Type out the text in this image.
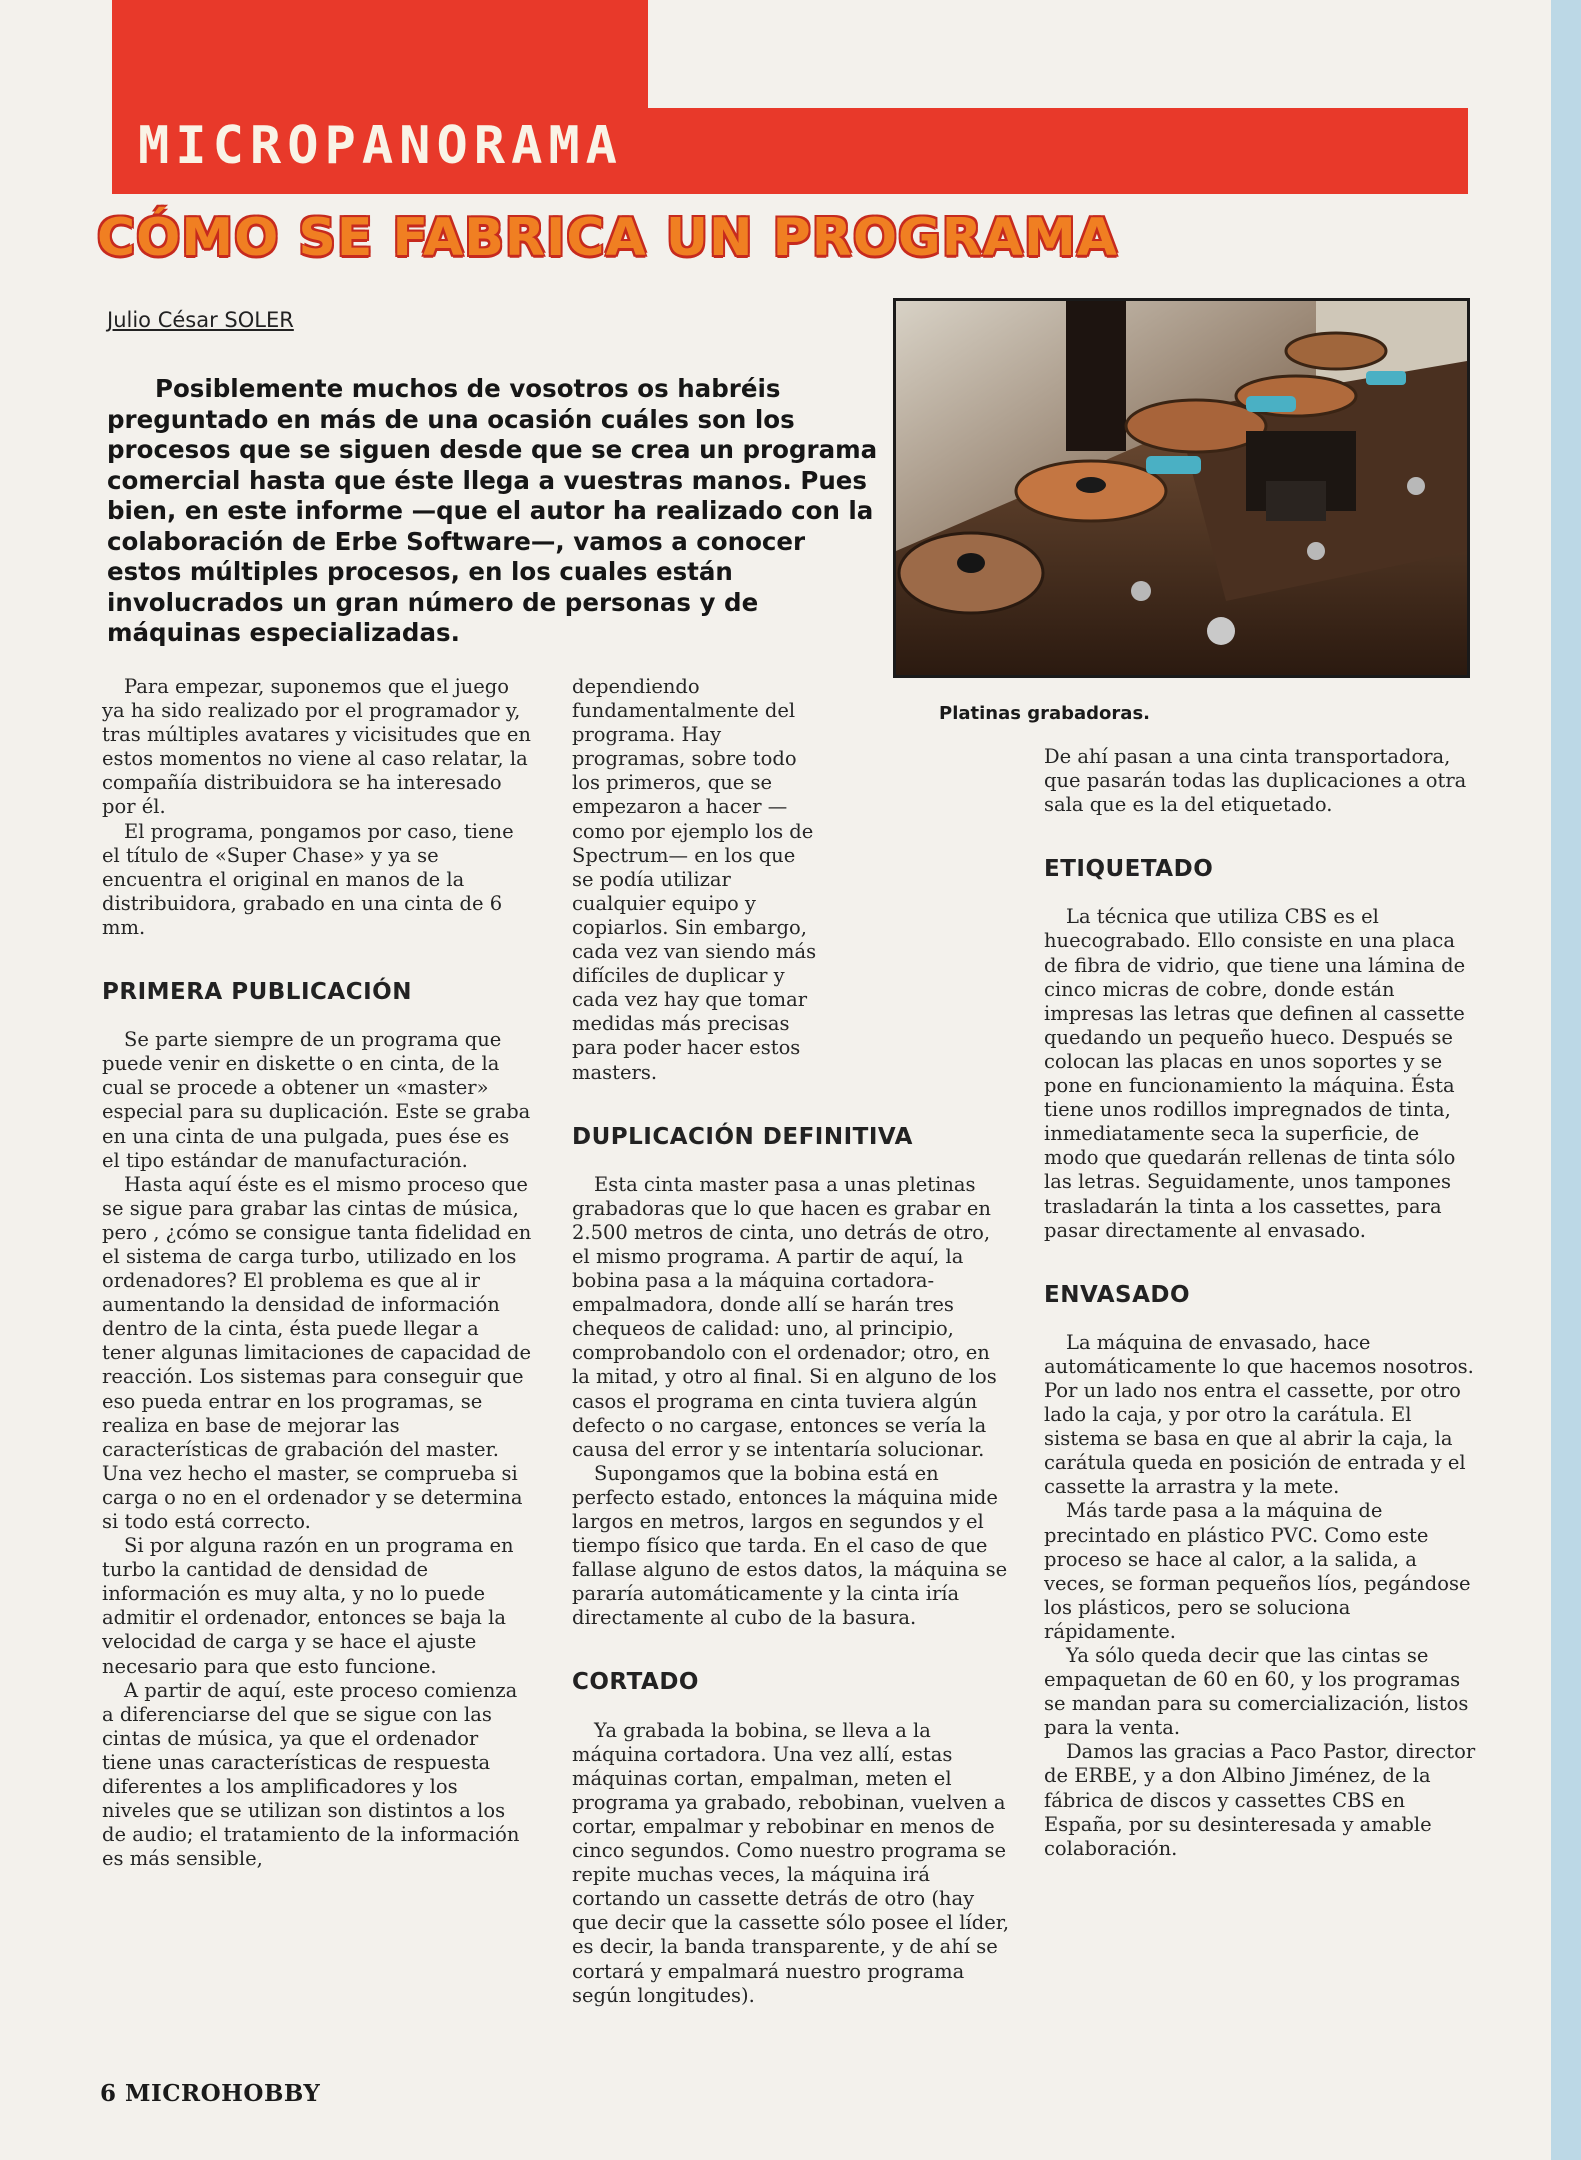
MICROPANORAMA
CÓMO SE FABRICA UN PROGRAMA
Julio César SOLER
Posiblemente muchos de vosotros os habréis preguntado en más de una ocasión cuáles son los procesos que se siguen desde que se crea un programa comercial hasta que éste llega a vuestras manos. Pues bien, en este informe —que el autor ha realizado con la colaboración de Erbe Software—, vamos a conocer estos múltiples procesos, en los cuales están involucrados un gran número de personas y de máquinas especializadas.
Platinas grabadoras.

Para empezar, suponemos que el juego ya ha sido realizado por el programador y, tras múltiples avatares y vicisitudes que en estos momentos no viene al caso relatar, la compañía distribuidora se ha interesado por él.

El programa, pongamos por caso, tiene el título de «Super Chase» y ya se encuentra el original en manos de la distribuidora, grabado en una cinta de 6 mm.

PRIMERA PUBLICACIÓN

Se parte siempre de un programa que puede venir en diskette o en cinta, de la cual se procede a obtener un «master» especial para su duplicación. Este se graba en una cinta de una pulgada, pues ése es el tipo estándar de manufacturación.

Hasta aquí éste es el mismo proceso que se sigue para grabar las cintas de música, pero , ¿cómo se consigue tanta fidelidad en el sistema de carga turbo, utilizado en los ordenadores? El problema es que al ir aumentando la densidad de información dentro de la cinta, ésta puede llegar a tener algunas limitaciones de capacidad de reacción. Los sistemas para conseguir que eso pueda entrar en los programas, se realiza en base de mejorar las características de grabación del master. Una vez hecho el master, se comprueba si carga o no en el ordenador y se determina si todo está correcto.

Si por alguna razón en un programa en turbo la cantidad de densidad de información es muy alta, y no lo puede admitir el ordenador, entonces se baja la velocidad de carga y se hace el ajuste necesario para que esto funcione.

A partir de aquí, este proceso comienza a diferenciarse del que se sigue con las cintas de música, ya que el ordenador tiene unas características de respuesta diferentes a los amplificadores y los niveles que se utilizan son distintos a los de audio; el tratamiento de la información es más sensible,

dependiendo fundamentalmente del programa. Hay programas, sobre todo los primeros, que se empezaron a hacer —como por ejemplo los de Spectrum— en los que se podía utilizar cualquier equipo y copiarlos. Sin embargo, cada vez van siendo más difíciles de duplicar y cada vez hay que tomar medidas más precisas para poder hacer estos masters.

DUPLICACIÓN DEFINITIVA

Esta cinta master pasa a unas pletinas grabadoras que lo que hacen es grabar en 2.500 metros de cinta, uno detrás de otro, el mismo programa. A partir de aquí, la bobina pasa a la máquina cortadora-empalmadora, donde allí se harán tres chequeos de calidad: uno, al principio, comprobandolo con el ordenador; otro, en la mitad, y otro al final. Si en alguno de los casos el programa en cinta tuviera algún defecto o no cargase, entonces se vería la causa del error y se intentaría solucionar.

Supongamos que la bobina está en perfecto estado, entonces la máquina mide largos en metros, largos en segundos y el tiempo físico que tarda. En el caso de que fallase alguno de estos datos, la máquina se pararía automáticamente y la cinta iría directamente al cubo de la basura.

CORTADO

Ya grabada la bobina, se lleva a la máquina cortadora. Una vez allí, estas máquinas cortan, empalman, meten el programa ya grabado, rebobinan, vuelven a cortar, empalmar y rebobinar en menos de cinco segundos. Como nuestro programa se repite muchas veces, la máquina irá cortando un cassette detrás de otro (hay que decir que la cassette sólo posee el líder, es decir, la banda transparente, y de ahí se cortará y empalmará nuestro programa según longitudes).

De ahí pasan a una cinta transportadora, que pasarán todas las duplicaciones a otra sala que es la del etiquetado.

ETIQUETADO

La técnica que utiliza CBS es el huecograbado. Ello consiste en una placa de fibra de vidrio, que tiene una lámina de cinco micras de cobre, donde están impresas las letras que definen al cassette quedando un pequeño hueco. Después se colocan las placas en unos soportes y se pone en funcionamiento la máquina. Ésta tiene unos rodillos impregnados de tinta, inmediatamente seca la superficie, de modo que quedarán rellenas de tinta sólo las letras. Seguidamente, unos tampones trasladarán la tinta a los cassettes, para pasar directamente al envasado.

ENVASADO

La máquina de envasado, hace automáticamente lo que hacemos nosotros. Por un lado nos entra el cassette, por otro lado la caja, y por otro la carátula. El sistema se basa en que al abrir la caja, la carátula queda en posición de entrada y el cassette la arrastra y la mete.

Más tarde pasa a la máquina de precintado en plástico PVC. Como este proceso se hace al calor, a la salida, a veces, se forman pequeños líos, pegándose los plásticos, pero se soluciona rápidamente.

Ya sólo queda decir que las cintas se empaquetan de 60 en 60, y los programas se mandan para su comercialización, listos para la venta.

Damos las gracias a Paco Pastor, director de ERBE, y a don Albino Jiménez, de la fábrica de discos y cassettes CBS en España, por su desinteresada y amable colaboración.

6 MICROHOBBY
